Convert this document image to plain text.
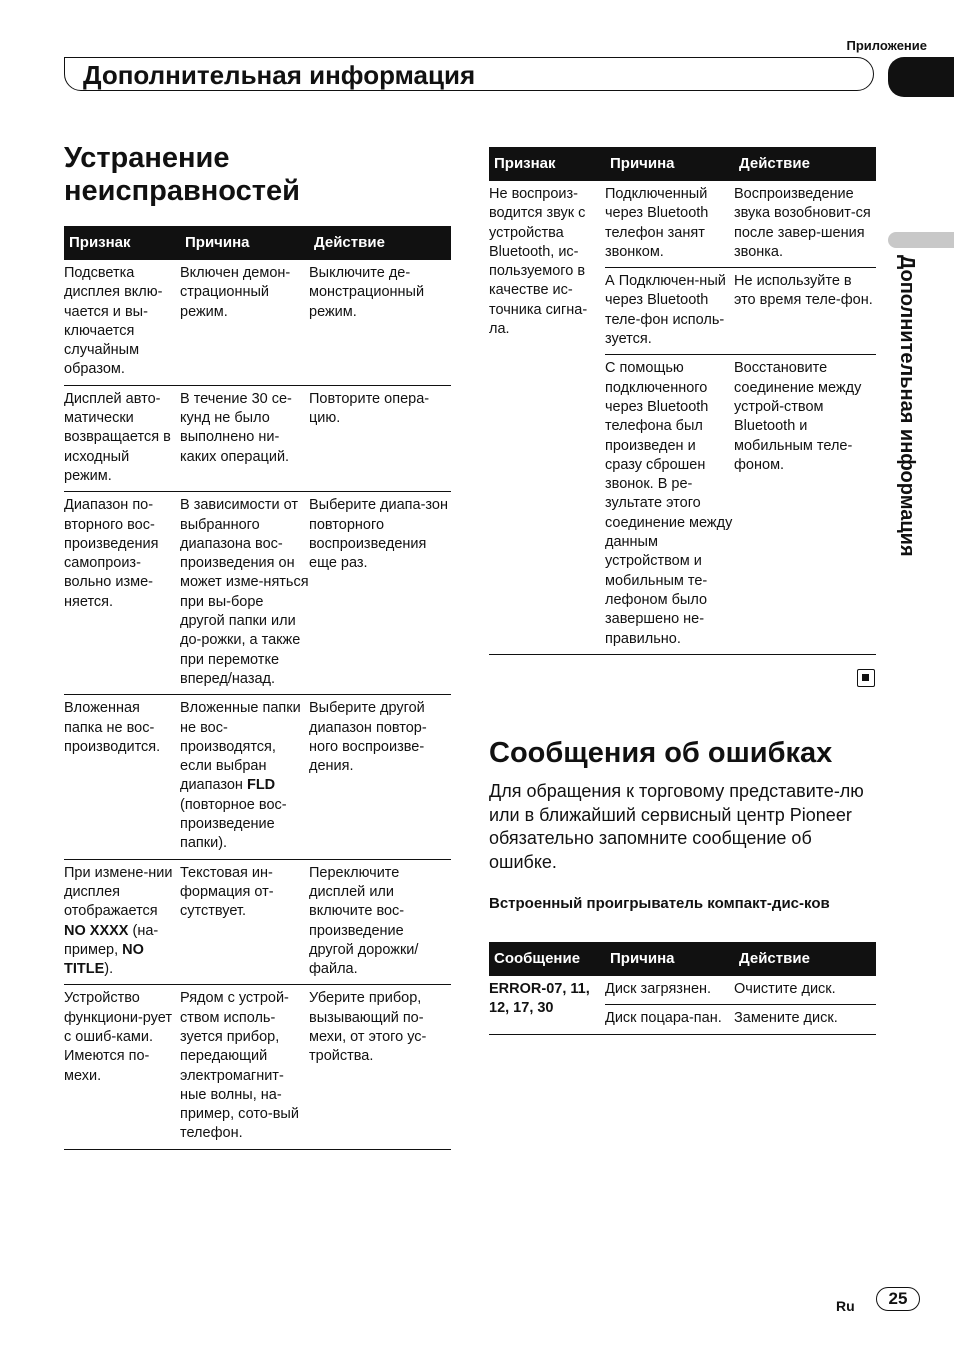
Приложение
Дополнительная информация
Дополнительная информация
Устранение неисправностей
Признак	Причина	Действие
Подсветка дисплея вклю-чается и вы-ключается случайным образом.	Включен демон-страционный режим.	Выключите де-монстрационный режим.
Дисплей авто-матически возвращается в исходный режим.	В течение 30 се-кунд не было выполнено ни-каких операций.	Повторите опера-цию.
Диапазон по-вторного вос-произведения самопроиз-вольно изме-няется.	В зависимости от выбранного диапазона вос-произведения он может изме-няться при вы-боре другой папки или до-рожки, а также при перемотке вперед/назад.	Выберите диапа-зон повторного воспроизведения еще раз.
Вложенная папка не вос-производится.	Вложенные папки не вос-производятся, если выбран диапазон FLD (повторное вос-произведение папки).	Выберите другой диапазон повтор-ного воспроизве-дения.
При измене-нии дисплея отображается NO XXXX (на-пример, NO TITLE).	Текстовая ин-формация от-сутствует.	Переключите дисплей или включите вос-произведение другой дорожки/ файла.
Устройство функциони-рует с ошиб-ками. Имеются по-мехи.	Рядом с устрой-ством исполь-зуется прибор, передающий электромагнит-ные волны, на-пример, сото-вый телефон.	Уберите прибор, вызывающий по-мехи, от этого ус-тройства.
Признак	Причина	Действие
Не воспроиз-водится звук с устройства Bluetooth, ис-пользуемого в качестве ис-точника сигна-ла.	Подключенный через Bluetooth телефон занят звонком.	Воспроизведение звука возобновит-ся после завер-шения звонка.
	А Подключен-ный через Bluetooth теле-фон исполь-зуется.	Не используйте в это время теле-фон.
	С помощью подключенного через Bluetooth телефона был произведен и сразу сброшен звонок. В ре-зультате этого соединение между данным устройством и мобильным те-лефоном было завершено не-правильно.	Восстановите соединение между устрой-ством Bluetooth и мобильным теле-фоном.
Сообщения об ошибках

Для обращения к торговому представите-лю или в ближайший сервисный центр Pioneer обязательно запомните сообщение об ошибке.

Встроенный проигрыватель компакт-дис-ков

Сообщение	Причина	Действие
ERROR-07, 11, 12, 17, 30	Диск загрязнен.	Очистите диск.
	Диск поцара-пан.	Замените диск.
Ru	25
